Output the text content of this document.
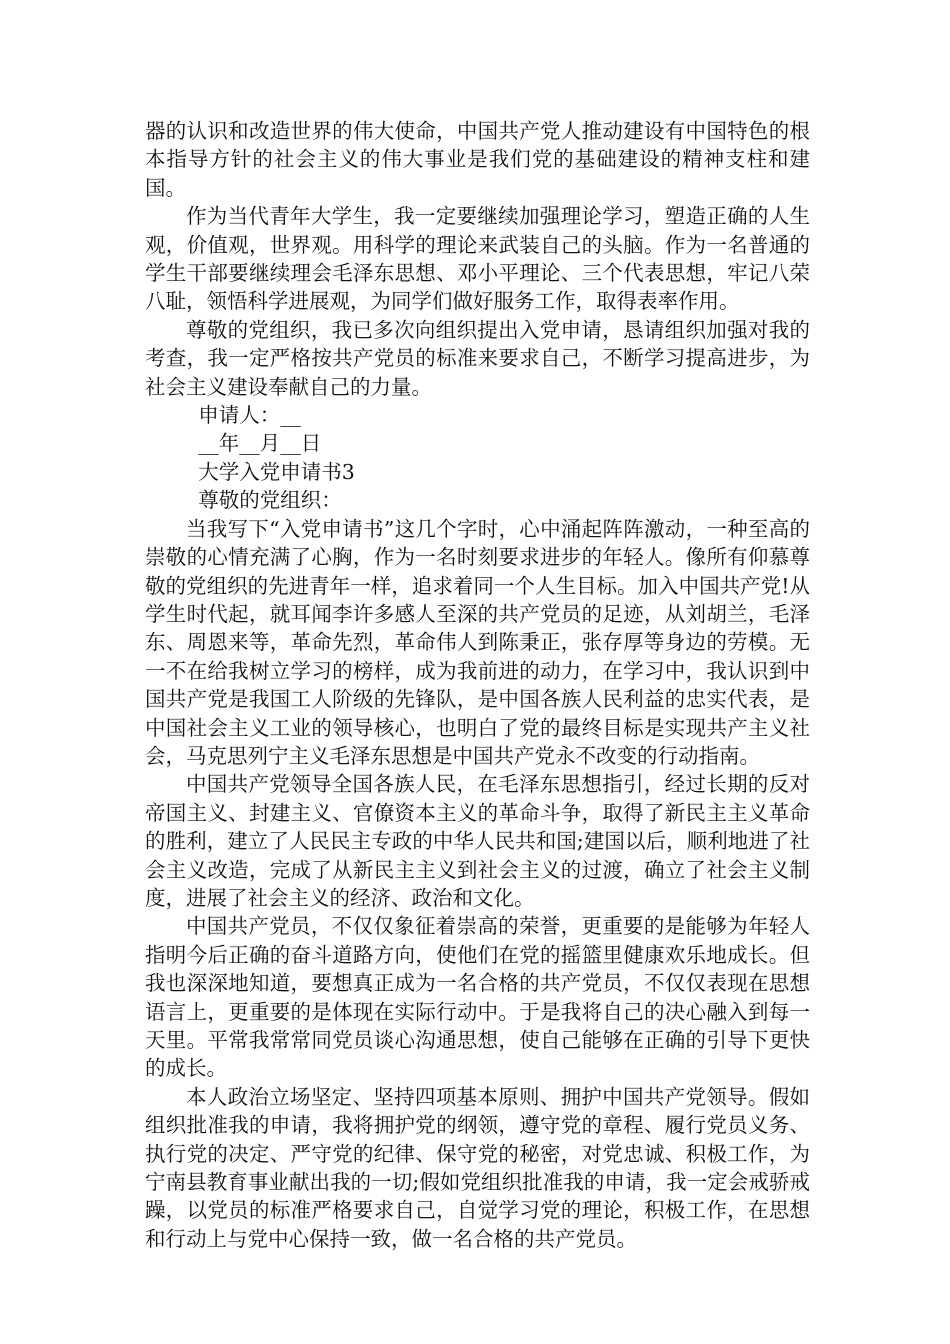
器的认识和改造世界的伟大使命，中国共产党人推动建设有中国特色的根本指导方针的社会主义的伟大事业是我们党的基础建设的精神支柱和建国。

作为当代青年大学生，我一定要继续加强理论学习，塑造正确的人生观，价值观，世界观。用科学的理论来武装自己的头脑。作为一名普通的学生干部要继续理会毛泽东思想、邓小平理论、三个代表思想，牢记八荣八耻，领悟科学进展观，为同学们做好服务工作，取得表率作用。

尊敬的党组织，我已多次向组织提出入党申请，恳请组织加强对我的考查，我一定严格按共产党员的标准来要求自己，不断学习提高进步，为社会主义建设奉献自己的力量。

申请人：__

__年__月__日

大学入党申请书3

尊敬的党组织：

当我写下“入党申请书”这几个字时，心中涌起阵阵激动，一种至高的崇敬的心情充满了心胸，作为一名时刻要求进步的年轻人。像所有仰慕尊敬的党组织的先进青年一样，追求着同一个人生目标。加入中国共产党!从学生时代起，就耳闻李许多感人至深的共产党员的足迹，从刘胡兰，毛泽东、周恩来等，革命先烈，革命伟人到陈秉正，张存厚等身边的劳模。无一不在给我树立学习的榜样，成为我前进的动力，在学习中，我认识到中国共产党是我国工人阶级的先锋队，是中国各族人民利益的忠实代表，是中国社会主义工业的领导核心，也明白了党的最终目标是实现共产主义社会，马克思列宁主义毛泽东思想是中国共产党永不改变的行动指南。

中国共产党领导全国各族人民，在毛泽东思想指引，经过长期的反对帝国主义、封建主义、官僚资本主义的革命斗争，取得了新民主主义革命的胜利，建立了人民民主专政的中华人民共和国;建国以后，顺利地进了社会主义改造，完成了从新民主主义到社会主义的过渡，确立了社会主义制度，进展了社会主义的经济、政治和文化。

中国共产党员，不仅仅象征着崇高的荣誉，更重要的是能够为年轻人指明今后正确的奋斗道路方向，使他们在党的摇篮里健康欢乐地成长。但我也深深地知道，要想真正成为一名合格的共产党员，不仅仅表现在思想语言上，更重要的是体现在实际行动中。于是我将自己的决心融入到每一天里。平常我常常同党员谈心沟通思想，使自己能够在正确的引导下更快的成长。

本人政治立场坚定、坚持四项基本原则、拥护中国共产党领导。假如组织批准我的申请，我将拥护党的纲领，遵守党的章程、履行党员义务、执行党的决定、严守党的纪律、保守党的秘密，对党忠诚、积极工作，为宁南县教育事业献出我的一切;假如党组织批准我的申请，我一定会戒骄戒躁，以党员的标准严格要求自己，自觉学习党的理论，积极工作，在思想和行动上与党中心保持一致，做一名合格的共产党员。
